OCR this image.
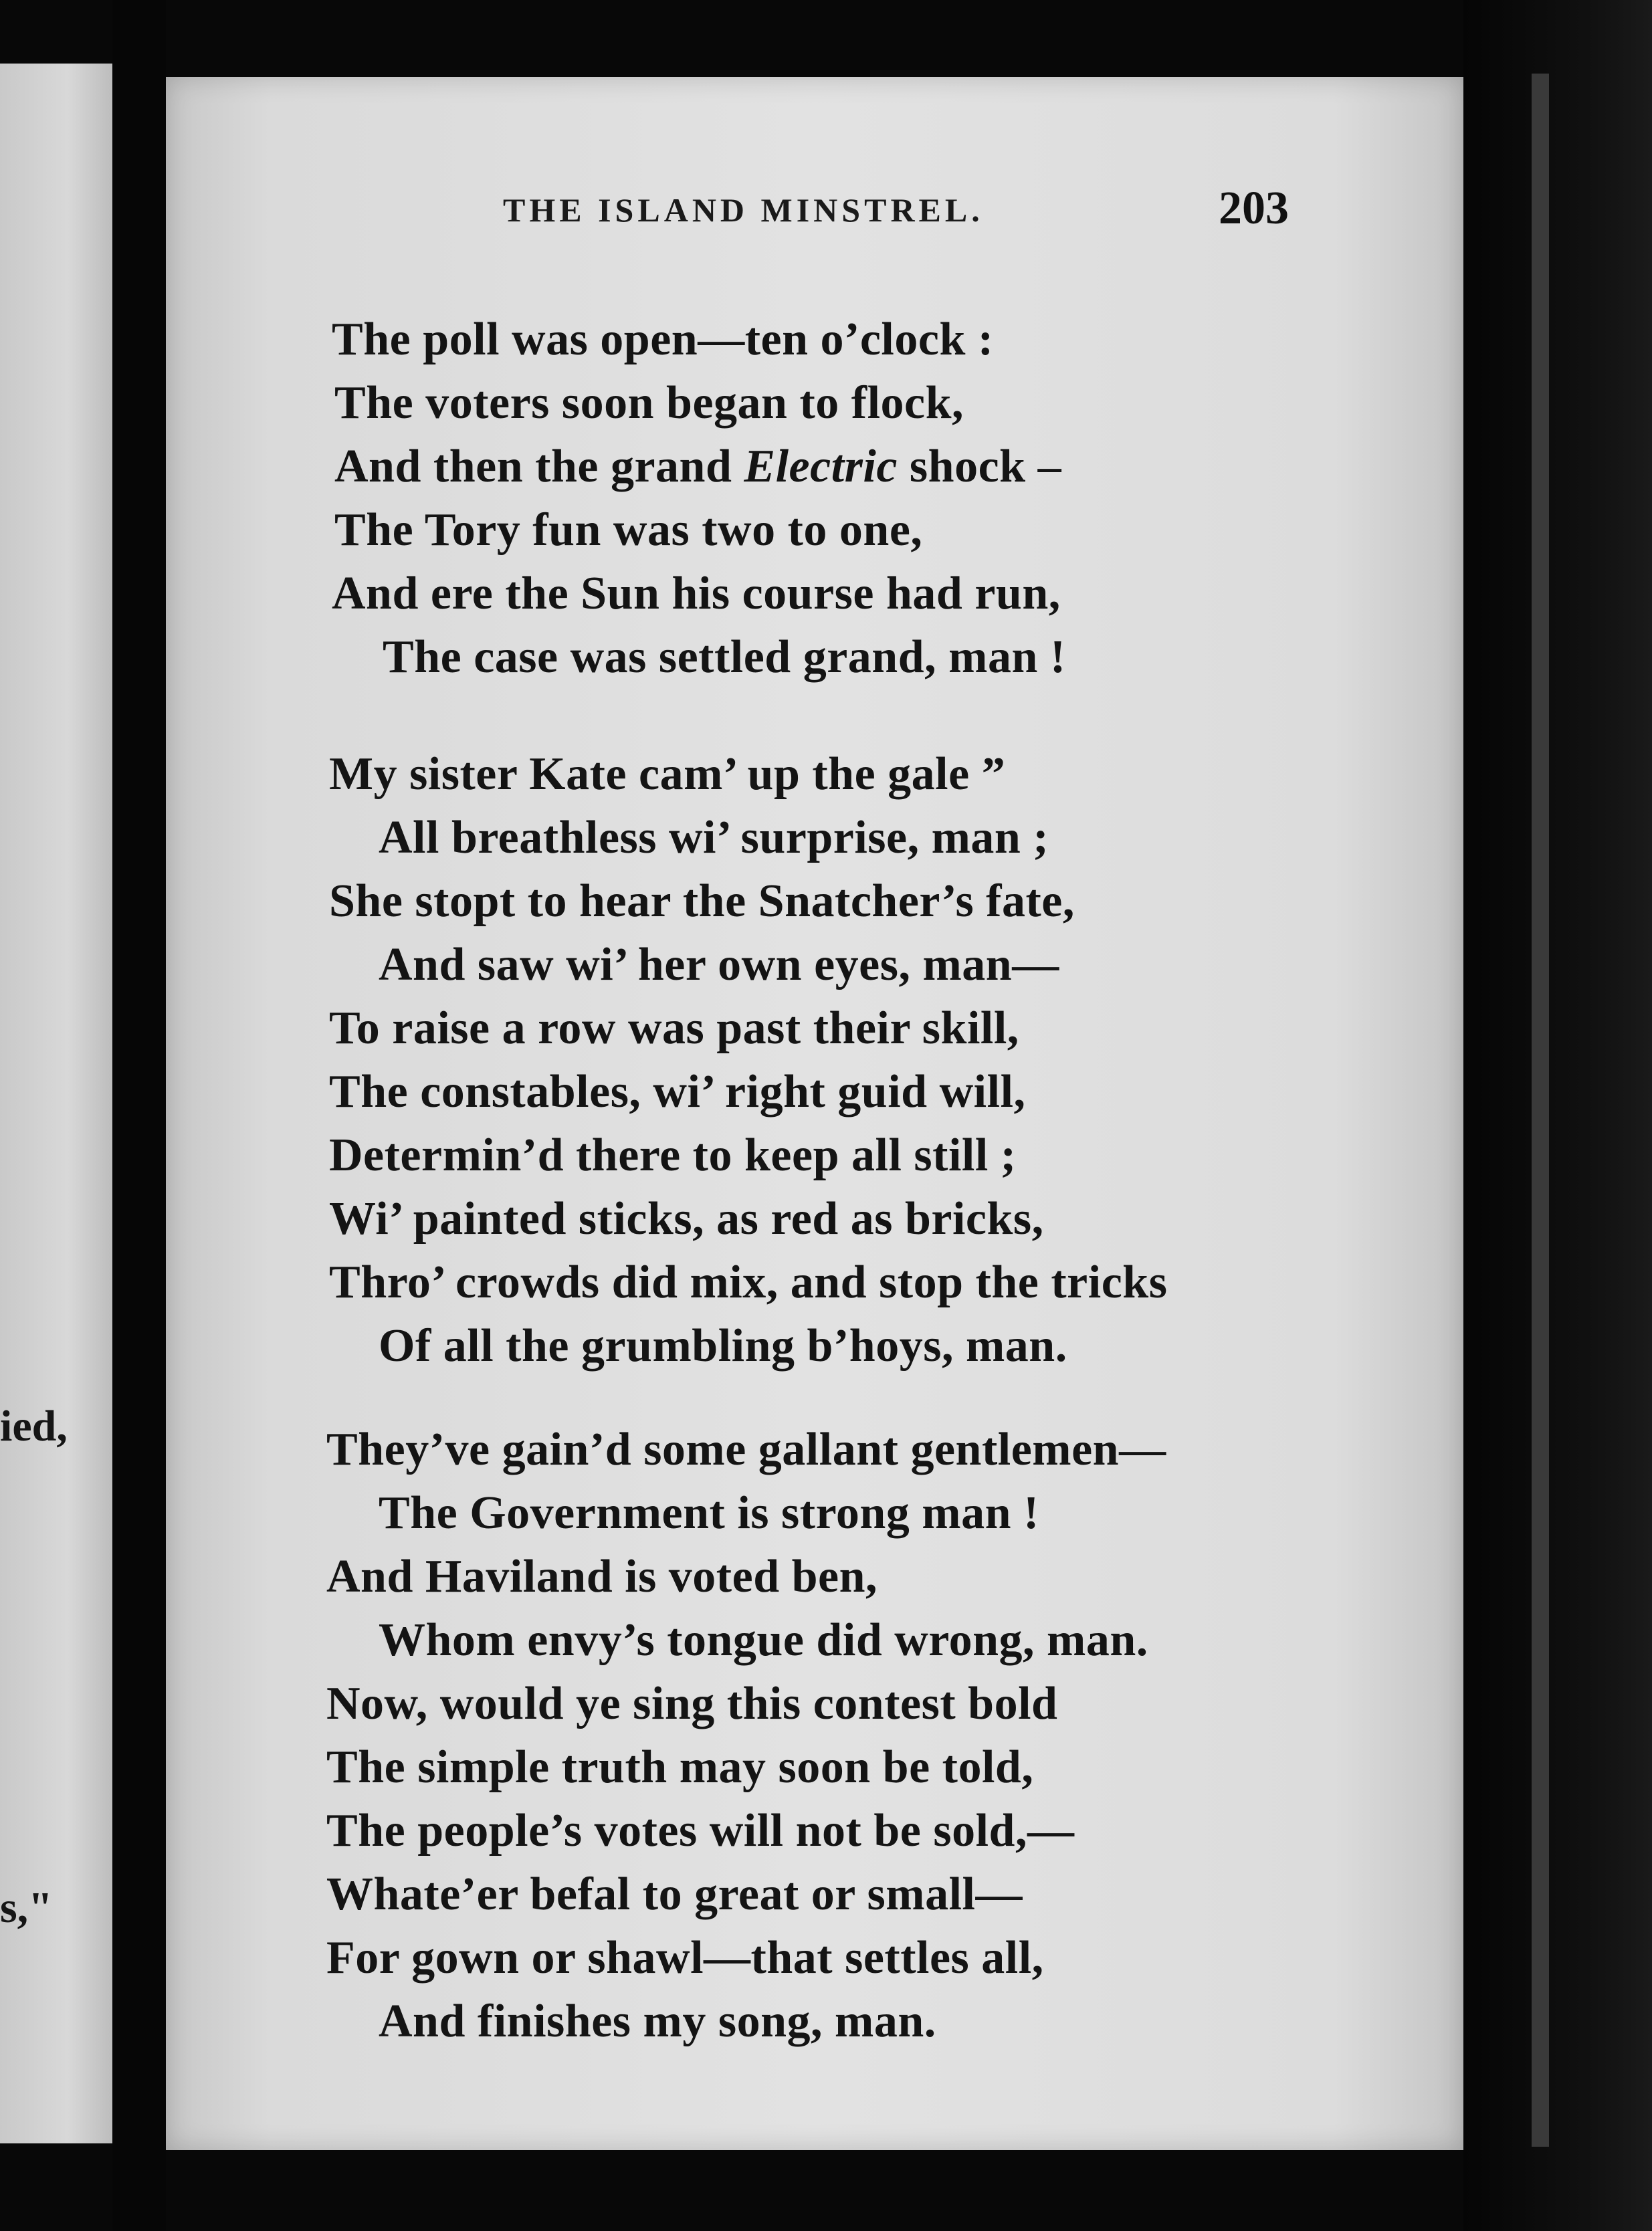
ied,
s,"
THE ISLAND MINSTREL.	203
The poll was open—ten o’clock :
The voters soon began to flock,
And then the grand Electric shock –
The Tory fun was two to one,
And ere the Sun his course had run,
The case was settled grand, man !
My sister Kate cam’ up the gale ”
All breathless wi’ surprise, man ;
She stopt to hear the Snatcher’s fate,
And saw wi’ her own eyes, man—
To raise a row was past their skill,
The constables, wi’ right guid will,
Determin’d there to keep all still ;
Wi’ painted sticks, as red as bricks,
Thro’ crowds did mix, and stop the tricks
Of all the grumbling b’hoys, man.
They’ve gain’d some gallant gentlemen—
The Government is strong man !
And Haviland is voted ben,
Whom envy’s tongue did wrong, man.
Now, would ye sing this contest bold
The simple truth may soon be told,
The people’s votes will not be sold,—
Whate’er befal to great or small—
For gown or shawl—that settles all,
And finishes my song, man.
